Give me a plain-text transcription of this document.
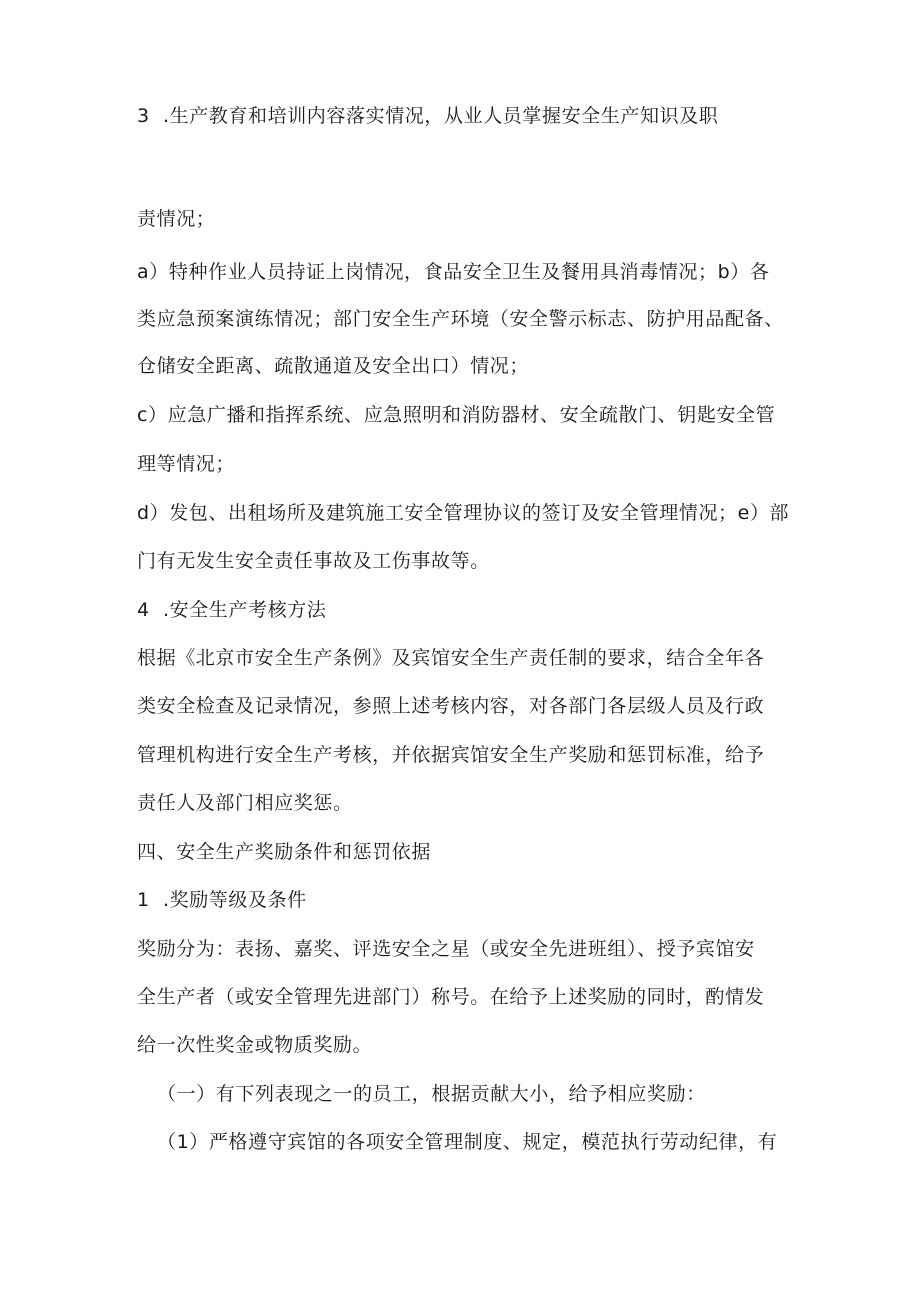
3  .生产教育和培训内容落实情况，从业人员掌握安全生产知识及职
责情况；
a）特种作业人员持证上岗情况，食品安全卫生及餐用具消毒情况；b）各
类应急预案演练情况；部门安全生产环境（安全警示标志、防护用品配备、
仓储安全距离、疏散通道及安全出口）情况；
c）应急广播和指挥系统、应急照明和消防器材、安全疏散门、钥匙安全管
理等情况；
d）发包、出租场所及建筑施工安全管理协议的签订及安全管理情况；e）部
门有无发生安全责任事故及工伤事故等。
4  .安全生产考核方法
根据《北京市安全生产条例》及宾馆安全生产责任制的要求，结合全年各
类安全检查及记录情况，参照上述考核内容，对各部门各层级人员及行政
管理机构进行安全生产考核，并依据宾馆安全生产奖励和惩罚标准，给予
责任人及部门相应奖惩。
四、安全生产奖励条件和惩罚依据
1  .奖励等级及条件
奖励分为：表扬、嘉奖、评选安全之星（或安全先进班组）、授予宾馆安
全生产者（或安全管理先进部门）称号。在给予上述奖励的同时，酌情发
给一次性奖金或物质奖励。
（一）有下列表现之一的员工，根据贡献大小，给予相应奖励：
（1）严格遵守宾馆的各项安全管理制度、规定，模范执行劳动纪律，有
